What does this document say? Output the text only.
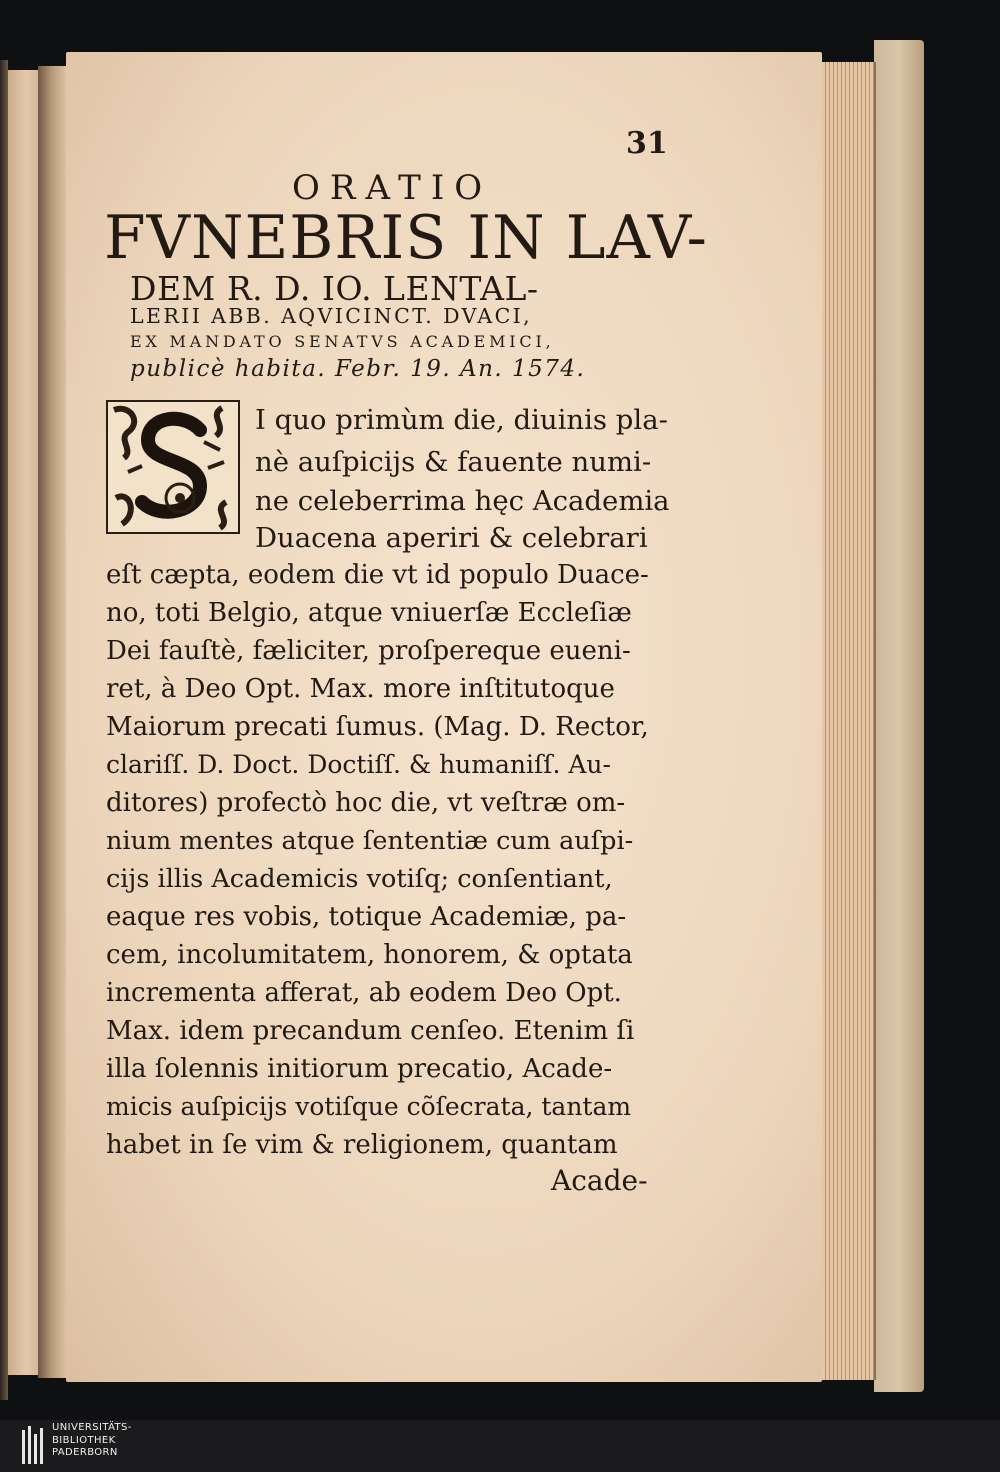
31
ORATIO
FVNEBRIS IN LAV-
DEM R. D. IO. LENTAL-
LERII ABB. AQVICINCT. DVACI,
EX MANDATO SENATVS ACADEMICI,
publicè habita. Febr. 19. An. 1574.
I quo primùm die, diuinis pla-
nè auſpicijs & fauente numi-
ne celeberrima hęc Academia
Duacena aperiri & celebrari
eſt cæpta, eodem die vt id populo Duace-
no, toti Belgio, atque vniuerſæ Eccleſiæ
Dei fauſtè, fæliciter, proſpereque eueni-
ret, à Deo Opt. Max. more inſtitutoque
Maiorum precati ſumus. (Mag. D. Rector,
clariſſ. D. Doct. Doctiſſ. & humaniſſ. Au-
ditores) profectò hoc die, vt veſtræ om-
nium mentes atque ſententiæ cum auſpi-
cijs illis Academicis votiſq; conſentiant,
eaque res vobis, totique Academiæ, pa-
cem, incolumitatem, honorem, & optata
incrementa afferat, ab eodem Deo Opt.
Max. idem precandum cenſeo. Etenim ſi
illa ſolennis initiorum precatio, Acade-
micis auſpicijs votiſque cõſecrata, tantam
habet in ſe vim & religionem, quantam
Acade-
UNIVERSITÄTS-
BIBLIOTHEK
PADERBORN
